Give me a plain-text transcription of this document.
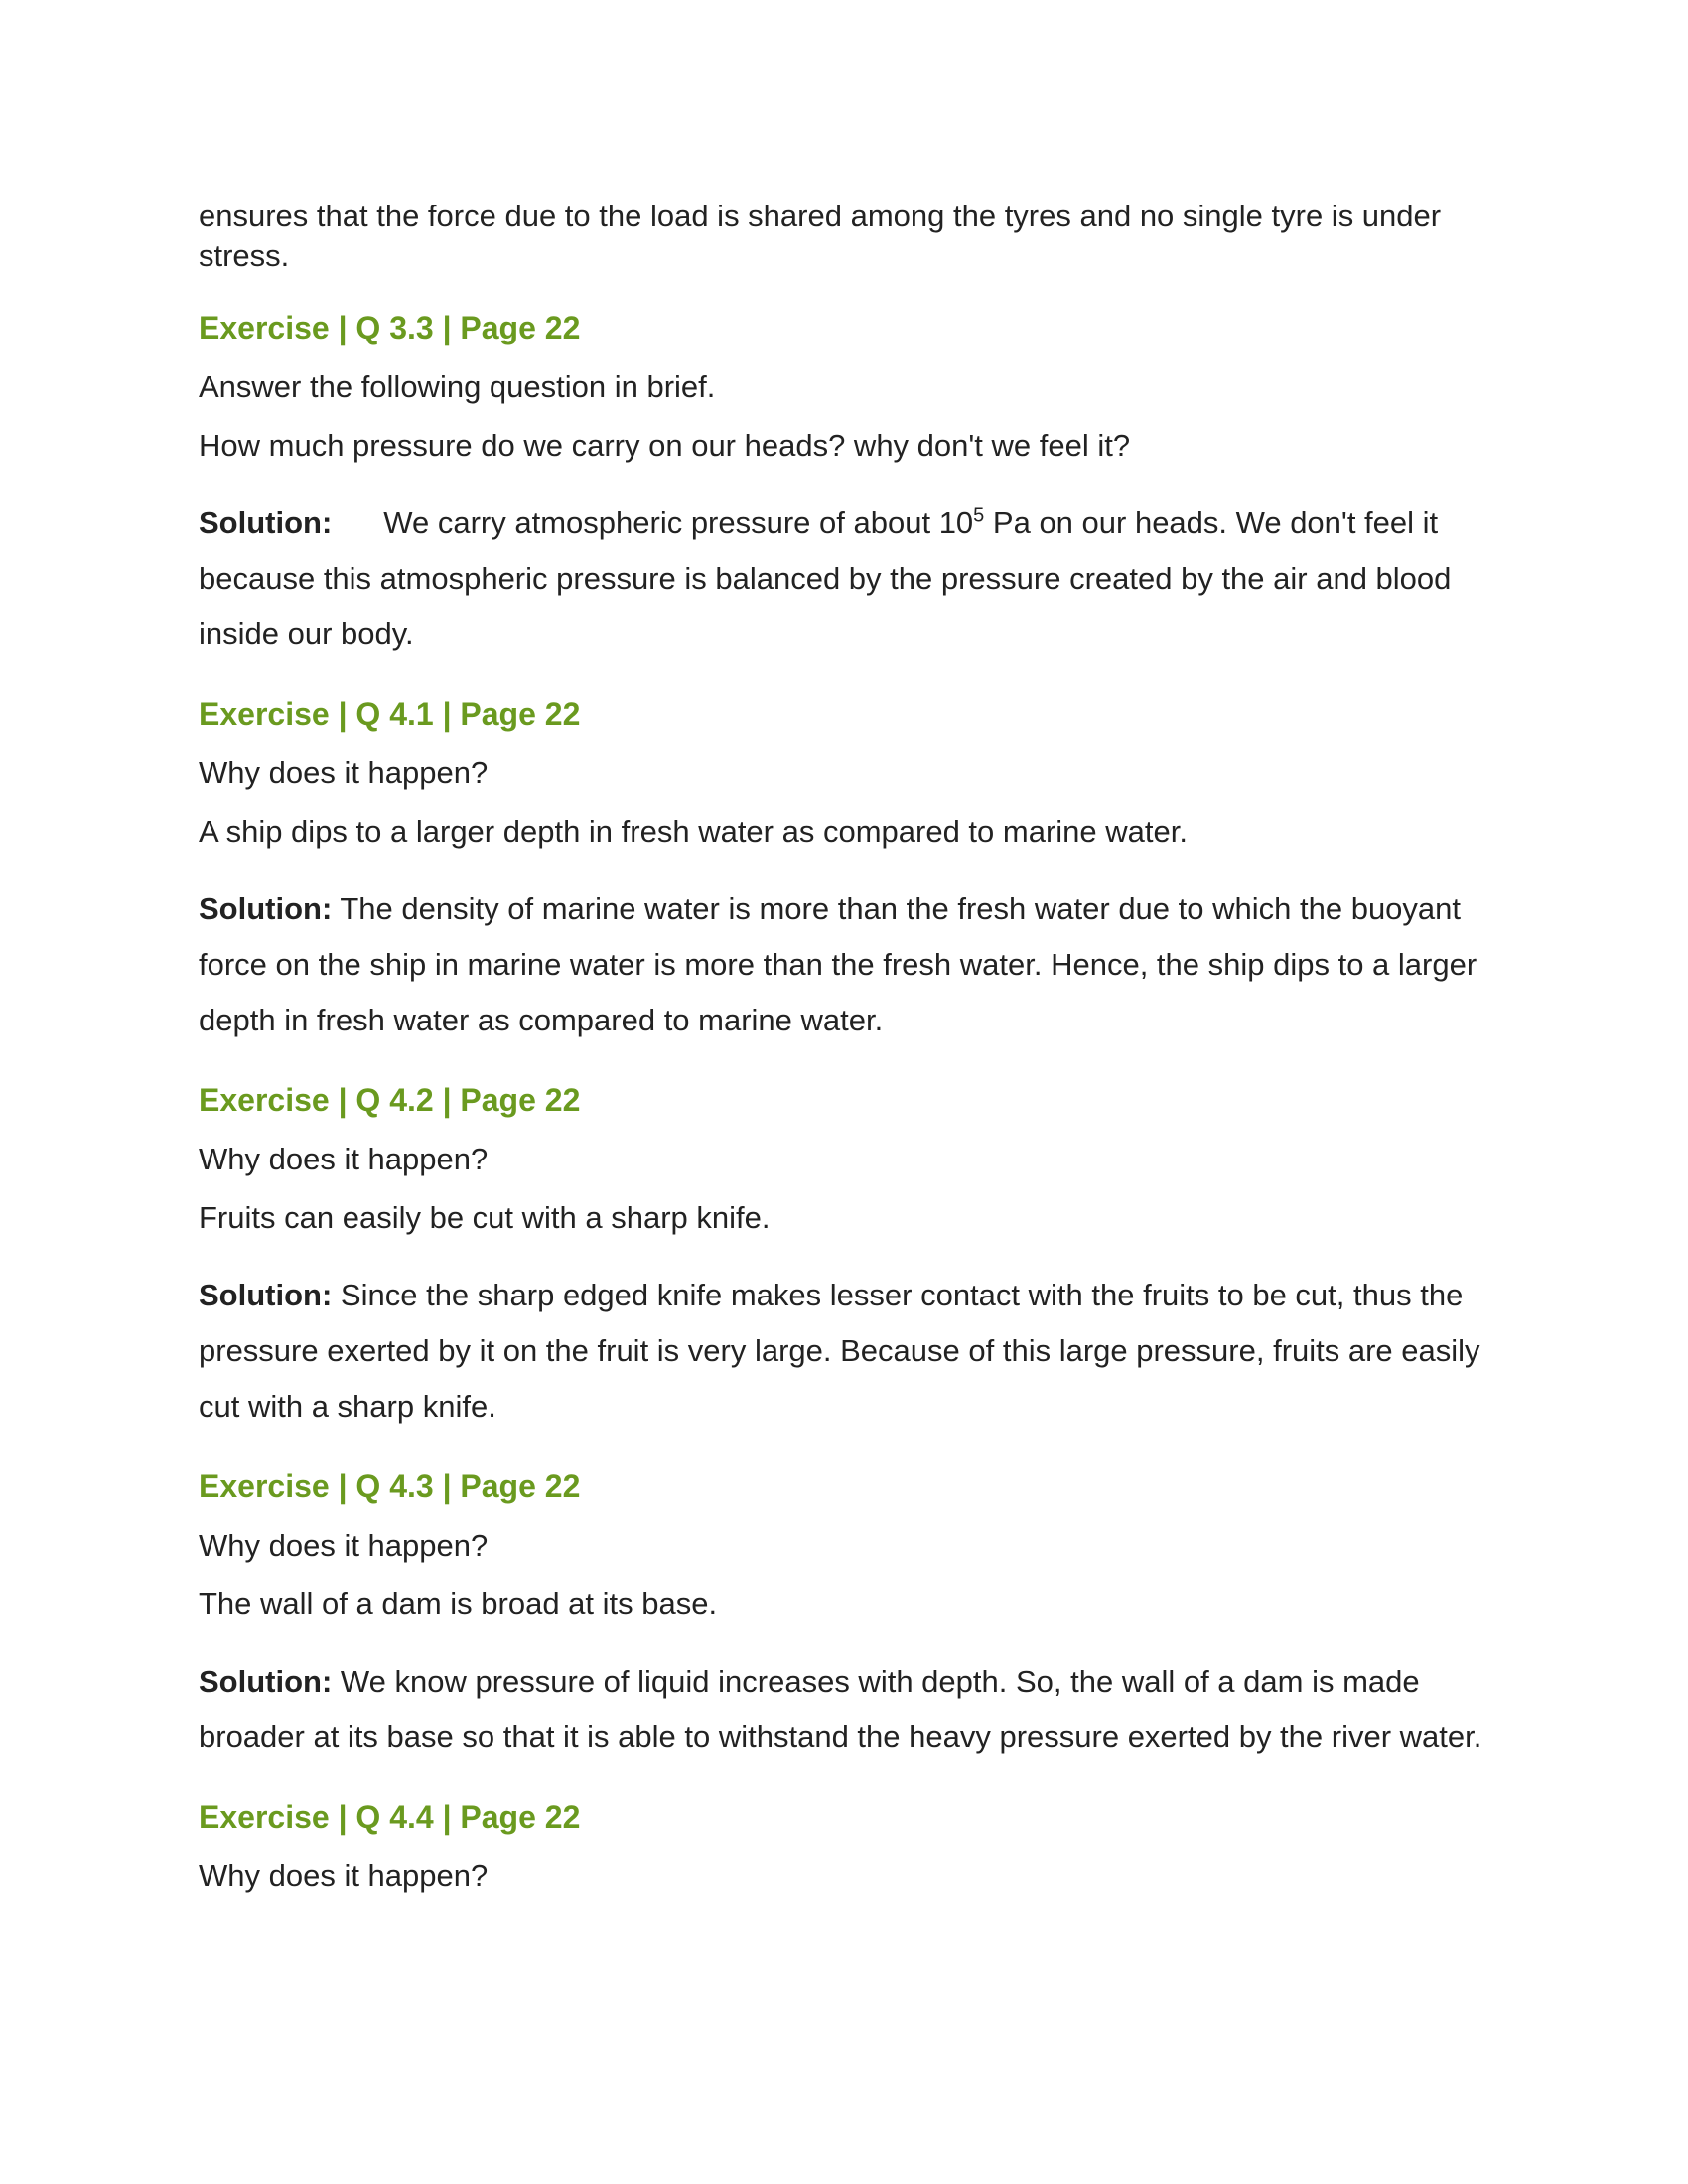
ensures that the force due to the load is shared among the tyres and no single tyre is under stress.

Exercise | Q 3.3 | Page 22

Answer the following question in brief.

How much pressure do we carry on our heads? why don't we feel it?

Solution: We carry atmospheric pressure of about $10^5$ Pa on our heads. We don't feel it because this atmospheric pressure is balanced by the pressure created by the air and blood inside our body.

Exercise | Q 4.1 | Page 22

Why does it happen?

A ship dips to a larger depth in fresh water as compared to marine water.

Solution: The density of marine water is more than the fresh water due to which the buoyant force on the ship in marine water is more than the fresh water. Hence, the ship dips to a larger depth in fresh water as compared to marine water.

Exercise | Q 4.2 | Page 22

Why does it happen?

Fruits can easily be cut with a sharp knife.

Solution: Since the sharp edged knife makes lesser contact with the fruits to be cut, thus the pressure exerted by it on the fruit is very large. Because of this large pressure, fruits are easily cut with a sharp knife.

Exercise | Q 4.3 | Page 22

Why does it happen?

The wall of a dam is broad at its base.

Solution: We know pressure of liquid increases with depth. So, the wall of a dam is made broader at its base so that it is able to withstand the heavy pressure exerted by the river water.

Exercise | Q 4.4 | Page 22

Why does it happen?
